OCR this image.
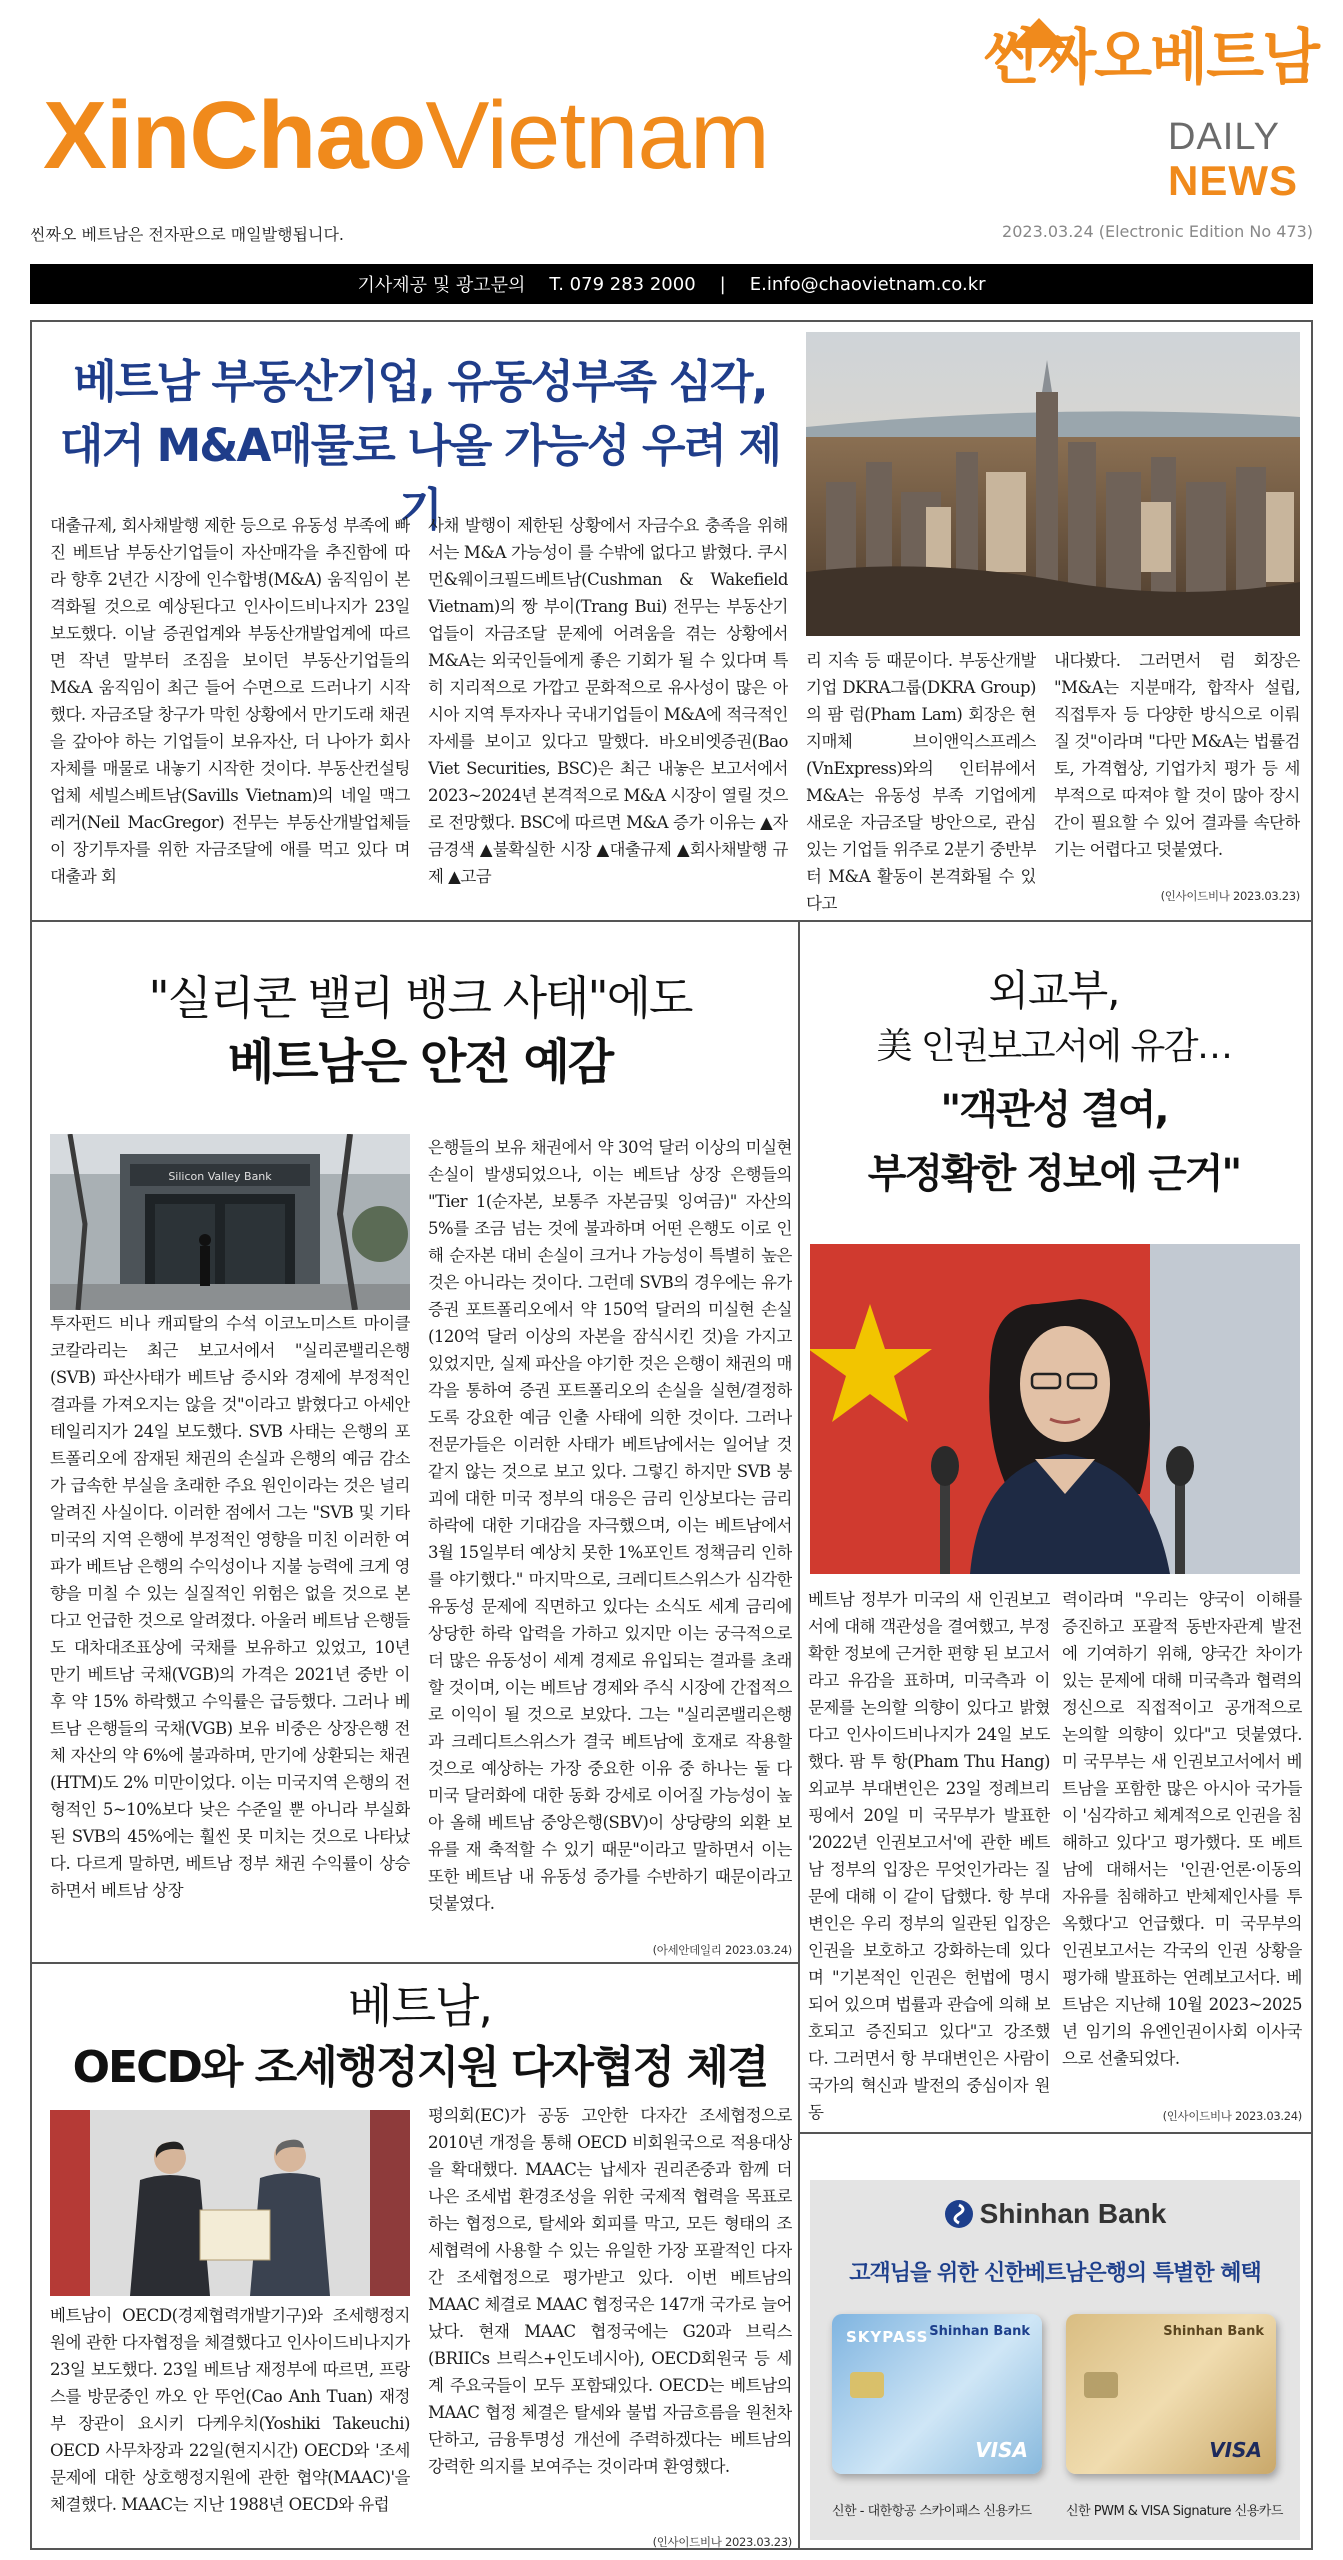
씬짜오베트남
XinChaoVietnam	DAILY
NEWS
씬짜오 베트남은 전자판으로 매일발행됩니다.	2023.03.24 (Electronic Edition No 473)
기사제공 및 광고문의 T. 079 283 2000 | E.info@chaovietnam.co.kr
베트남 부동산기업, 유동성부족 심각,
대거 M&A매물로 나올 가능성 우려 제기
대출규제, 회사채발행 제한 등으로 유동성 부족에 빠진 베트남 부동산기업들이 자산매각을 추진함에 따라 향후 2년간 시장에 인수합병(M&A) 움직임이 본격화될 것으로 예상된다고 인사이드비나지가 23일 보도했다. 이날 증권업계와 부동산개발업계에 따르면 작년 말부터 조짐을 보이던 부동산기업들의 M&A 움직임이 최근 들어 수면으로 드러나기 시작했다. 자금조달 창구가 막힌 상황에서 만기도래 채권을 갚아야 하는 기업들이 보유자산, 더 나아가 회사자체를 매물로 내놓기 시작한 것이다. 부동산컨설팅업체 세빌스베트남(Savills Vietnam)의 네일 맥그레거(Neil MacGregor) 전무는 부동산개발업체들이 장기투자를 위한 자금조달에 애를 먹고 있다 며 대출과 회
사채 발행이 제한된 상황에서 자금수요 충족을 위해서는 M&A 가능성이 를 수밖에 없다고 밝혔다. 쿠시먼&웨이크필드베트남(Cushman & Wakefield Vietnam)의 짱 부이(Trang Bui) 전무는 부동산기업들이 자금조달 문제에 어려움을 겪는 상황에서 M&A는 외국인들에게 좋은 기회가 될 수 있다며 특히 지리적으로 가깝고 문화적으로 유사성이 많은 아시아 지역 투자자나 국내기업들이 M&A에 적극적인 자세를 보이고 있다고 말했다. 바오비엣증권(Bao Viet Securities, BSC)은 최근 내놓은 보고서에서 2023~2024년 본격적으로 M&A 시장이 열릴 것으로 전망했다. BSC에 따르면 M&A 증가 이유는 ▲자금경색 ▲불확실한 시장 ▲대출규제 ▲회사채발행 규제 ▲고금
리 지속 등 때문이다. 부동산개발기업 DKRA그룹(DKRA Group)의 팜 럼(Pham Lam) 회장은 현지매체 브이앤익스프레스(VnExpress)와의 인터뷰에서 M&A는 유동성 부족 기업에게 새로운 자금조달 방안으로, 관심 있는 기업들 위주로 2분기 중반부터 M&A 활동이 본격화될 수 있다고
내다봤다. 그러면서 럼 회장은 "M&A는 지분매각, 합작사 설립, 직접투자 등 다양한 방식으로 이뤄질 것"이라며 "다만 M&A는 법률검토, 가격협상, 기업가치 평가 등 세부적으로 따져야 할 것이 많아 장시간이 필요할 수 있어 결과를 속단하기는 어렵다고 덧붙였다.
(인사이드비나 2023.03.23)
"실리콘 밸리 뱅크 사태"에도
베트남은 안전 예감
Silicon Valley Bank
투자펀드 비나 캐피탈의 수석 이코노미스트 마이클 코칼라리는 최근 보고서에서 "실리콘밸리은행(SVB) 파산사태가 베트남 증시와 경제에 부정적인 결과를 가져오지는 않을 것"이라고 밝혔다고 아세안테일리지가 24일 보도했다. SVB 사태는 은행의 포트폴리오에 잠재된 채권의 손실과 은행의 예금 감소가 급속한 부실을 초래한 주요 원인이라는 것은 널리 알려진 사실이다. 이러한 점에서 그는 "SVB 및 기타 미국의 지역 은행에 부정적인 영향을 미친 이러한 여파가 베트남 은행의 수익성이나 지불 능력에 크게 영향을 미칠 수 있는 실질적인 위험은 없을 것으로 본다고 언급한 것으로 알려졌다. 아울러 베트남 은행들도 대차대조표상에 국채를 보유하고 있었고, 10년 만기 베트남 국채(VGB)의 가격은 2021년 중반 이후 약 15% 하락했고 수익률은 급등했다. 그러나 베트남 은행들의 국채(VGB) 보유 비중은 상장은행 전체 자산의 약 6%에 불과하며, 만기에 상환되는 채권(HTM)도 2% 미만이었다. 이는 미국지역 은행의 전형적인 5~10%보다 낮은 수준일 뿐 아니라 부실화된 SVB의 45%에는 훨씬 못 미치는 것으로 나타났다. 다르게 말하면, 베트남 정부 채권 수익률이 상승하면서 베트남 상장
은행들의 보유 채권에서 약 30억 달러 이상의 미실현 손실이 발생되었으나, 이는 베트남 상장 은행들의 "Tier 1(순자본, 보통주 자본금및 잉여금)" 자산의 5%를 조금 넘는 것에 불과하며 어떤 은행도 이로 인해 순자본 대비 손실이 크거나 가능성이 특별히 높은 것은 아니라는 것이다. 그런데 SVB의 경우에는 유가증권 포트폴리오에서 약 150억 달러의 미실현 손실(120억 달러 이상의 자본을 잠식시킨 것)을 가지고 있었지만, 실제 파산을 야기한 것은 은행이 채권의 매각을 통하여 증권 포트폴리오의 손실을 실현/결정하도록 강요한 예금 인출 사태에 의한 것이다. 그러나 전문가들은 이러한 사태가 베트남에서는 일어날 것 같지 않는 것으로 보고 있다. 그렇긴 하지만 SVB 붕괴에 대한 미국 정부의 대응은 금리 인상보다는 금리 하락에 대한 기대감을 자극했으며, 이는 베트남에서 3월 15일부터 예상치 못한 1%포인트 정책금리 인하를 야기했다." 마지막으로, 크레디트스위스가 심각한 유동성 문제에 직면하고 있다는 소식도 세계 금리에 상당한 하락 압력을 가하고 있지만 이는 궁극적으로 더 많은 유동성이 세계 경제로 유입되는 결과를 초래할 것이며, 이는 베트남 경제와 주식 시장에 간접적으로 이익이 될 것으로 보았다. 그는 "실리콘밸리은행과 크레디트스위스가 결국 베트남에 호재로 작용할 것으로 예상하는 가장 중요한 이유 중 하나는 둘 다 미국 달러화에 대한 동화 강세로 이어질 가능성이 높아 올해 베트남 중앙은행(SBV)이 상당량의 외환 보유를 재 축적할 수 있기 때문"이라고 말하면서 이는 또한 베트남 내 유동성 증가를 수반하기 때문이라고 덧붙였다.
(아세안데일리 2023.03.24)
베트남,
OECD와 조세행정지원 다자협정 체결
베트남이 OECD(경제협력개발기구)와 조세행정지원에 관한 다자협정을 체결했다고 인사이드비나지가 23일 보도했다. 23일 베트남 재정부에 따르면, 프랑스를 방문중인 까오 안 뚜언(Cao Anh Tuan) 재정부 장관이 요시키 다케우치(Yoshiki Takeuchi) OECD 사무차장과 22일(현지시간) OECD와 '조세 문제에 대한 상호행정지원에 관한 협약(MAAC)'을 체결했다. MAAC는 지난 1988년 OECD와 유럽
평의회(EC)가 공동 고안한 다자간 조세협정으로 2010년 개정을 통해 OECD 비회원국으로 적용대상을 확대했다. MAAC는 납세자 권리존중과 함께 더 나은 조세법 환경조성을 위한 국제적 협력을 목표로 하는 협정으로, 탈세와 회피를 막고, 모든 형태의 조세협력에 사용할 수 있는 유일한 가장 포괄적인 다자간 조세협정으로 평가받고 있다. 이번 베트남의 MAAC 체결로 MAAC 협정국은 147개 국가로 늘어났다. 현재 MAAC 협정국에는 G20과 브릭스(BRIICs 브릭스+인도네시아), OECD회원국 등 세계 주요국들이 모두 포함돼있다. OECD는 베트남의 MAAC 협정 체결은 탈세와 불법 자금흐름을 원천차단하고, 금융투명성 개선에 주력하겠다는 베트남의 강력한 의지를 보여주는 것이라며 환영했다.
(인사이드비나 2023.03.23)
외교부,
美 인권보고서에 유감…
"객관성 결여,
부정확한 정보에 근거"
베트남 정부가 미국의 새 인권보고서에 대해 객관성을 결여했고, 부정확한 정보에 근거한 편향 된 보고서라고 유감을 표하며, 미국측과 이 문제를 논의할 의향이 있다고 밝혔다고 인사이드비나지가 24일 보도했다. 팜 투 항(Pham Thu Hang) 외교부 부대변인은 23일 정례브리핑에서 20일 미 국무부가 발표한 '2022년 인권보고서'에 관한 베트남 정부의 입장은 무엇인가라는 질문에 대해 이 같이 답했다. 항 부대변인은 우리 정부의 일관된 입장은 인권을 보호하고 강화하는데 있다며 "기본적인 인권은 헌법에 명시되어 있으며 법률과 관습에 의해 보호되고 증진되고 있다"고 강조했다. 그러면서 항 부대변인은 사람이 국가의 혁신과 발전의 중심이자 원동
력이라며 "우리는 양국이 이해를 증진하고 포괄적 동반자관계 발전에 기여하기 위해, 양국간 차이가 있는 문제에 대해 미국측과 협력의 정신으로 직접적이고 공개적으로 논의할 의향이 있다"고 덧붙였다. 미 국무부는 새 인권보고서에서 베트남을 포함한 많은 아시아 국가들이 '심각하고 체계적으로 인권을 침해하고 있다'고 평가했다. 또 베트남에 대해서는 '인권·언론·이동의 자유를 침해하고 반체제인사를 투옥했다'고 언급했다. 미 국무부의 인권보고서는 각국의 인권 상황을 평가해 발표하는 연례보고서다. 베트남은 지난해 10월 2023~2025년 임기의 유엔인권이사회 이사국으로 선출되었다.
(인사이드비나 2023.03.24)
Shinhan Bank
고객님을 위한 신한베트남은행의 특별한 혜택
Shinhan Bank
SKYPASS
VISA
Shinhan Bank
VISA
신한 - 대한항공 스카이패스 신용카드	신한 PWM & VISA Signature 신용카드
